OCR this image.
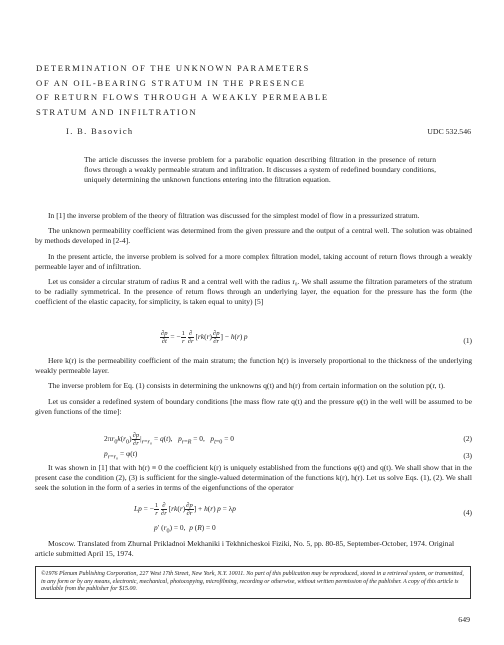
DETERMINATION OF THE UNKNOWN PARAMETERS
OF AN OIL-BEARING STRATUM IN THE PRESENCE
OF RETURN FLOWS THROUGH A WEAKLY PERMEABLE
STRATUM AND INFILTRATION
I. B. Basovich	UDC 532.546
The article discusses the inverse problem for a parabolic equation describing filtration in the presence of return flows through a weakly permeable stratum and infiltration. It discusses a system of redefined boundary conditions, uniquely determining the unknown functions entering into the filtration equation.

In [1] the inverse problem of the theory of filtration was discussed for the simplest model of flow in a pressurized stratum.

The unknown permeability coefficient was determined from the given pressure and the output of a central well. The solution was obtained by methods developed in [2-4].

In the present article, the inverse problem is solved for a more complex filtration model, taking account of return flows through a weakly permeable layer and of infiltration.

Let us consider a circular stratum of radius R and a central well with the radius r₀. We shall assume the filtration parameters of the stratum to be radially symmetrical. In the presence of return flows through an underlying layer, the equation for the pressure has the form (the coefficient of the elastic capacity, for simplicity, is taken equal to unity) [5]

$\frac{\partial p}{\partial t}$ = − $\frac{1}{r}$
$\frac{\partial}{\partial r} [rk(r) \frac{\partial p}{\partial r}$ ] − h(r) p	(1)

Here k(r) is the permeability coefficient of the main stratum; the function h(r) is inversely proportional to the thickness of the underlying weakly permeable layer.

The inverse problem for Eq. (1) consists in determining the unknowns q(t) and h(r) from certain information on the solution p(r, t).

Let us consider a redefined system of boundary conditions [the mass flow rate q(t) and the pressure φ(t) in the well will be assumed to be given functions of the time]:

$2\pi r_0k(r_0) \frac{\partial p}{\partial r} |_{r=r_0} = q(t)$,   $p_{r=R} = 0$,   $p_{t=0} = 0$	(2)
$p_{r=r_0} = \varphi(t)$	(3)

It was shown in [1] that with h(r) ≡ 0 the coefficient k(r) is uniquely established from the functions φ(t) and q(t). We shall show that in the present case the condition (2), (3) is sufficient for the single-valued determination of the functions k(r), h(r). Let us solve Eqs. (1), (2). We shall seek the solution in the form of a series in terms of the eigenfunctions of the operator

Lp = − $\frac{1}{r}$
$\frac{\partial}{\partial r} [rk(r) \frac{\partial p}{\partial r}$ ] + h(r) p = λp	(4)
p′ $(r_0) = 0$,  p (R) = 0
Moscow. Translated from Zhurnal Prikladnoi Mekhaniki i Tekhnicheskoi Fiziki, No. 5, pp. 80-85, September-October, 1974. Original article submitted April 15, 1974.
©1976 Plenum Publishing Corporation, 227 West 17th Street, New York, N.Y. 10011. No part of this publication may be reproduced, stored in a retrieval system, or transmitted, in any form or by any means, electronic, mechanical, photocopying, microfilming, recording or otherwise, without written permission of the publisher. A copy of this article is available from the publisher for $15.00.
649
